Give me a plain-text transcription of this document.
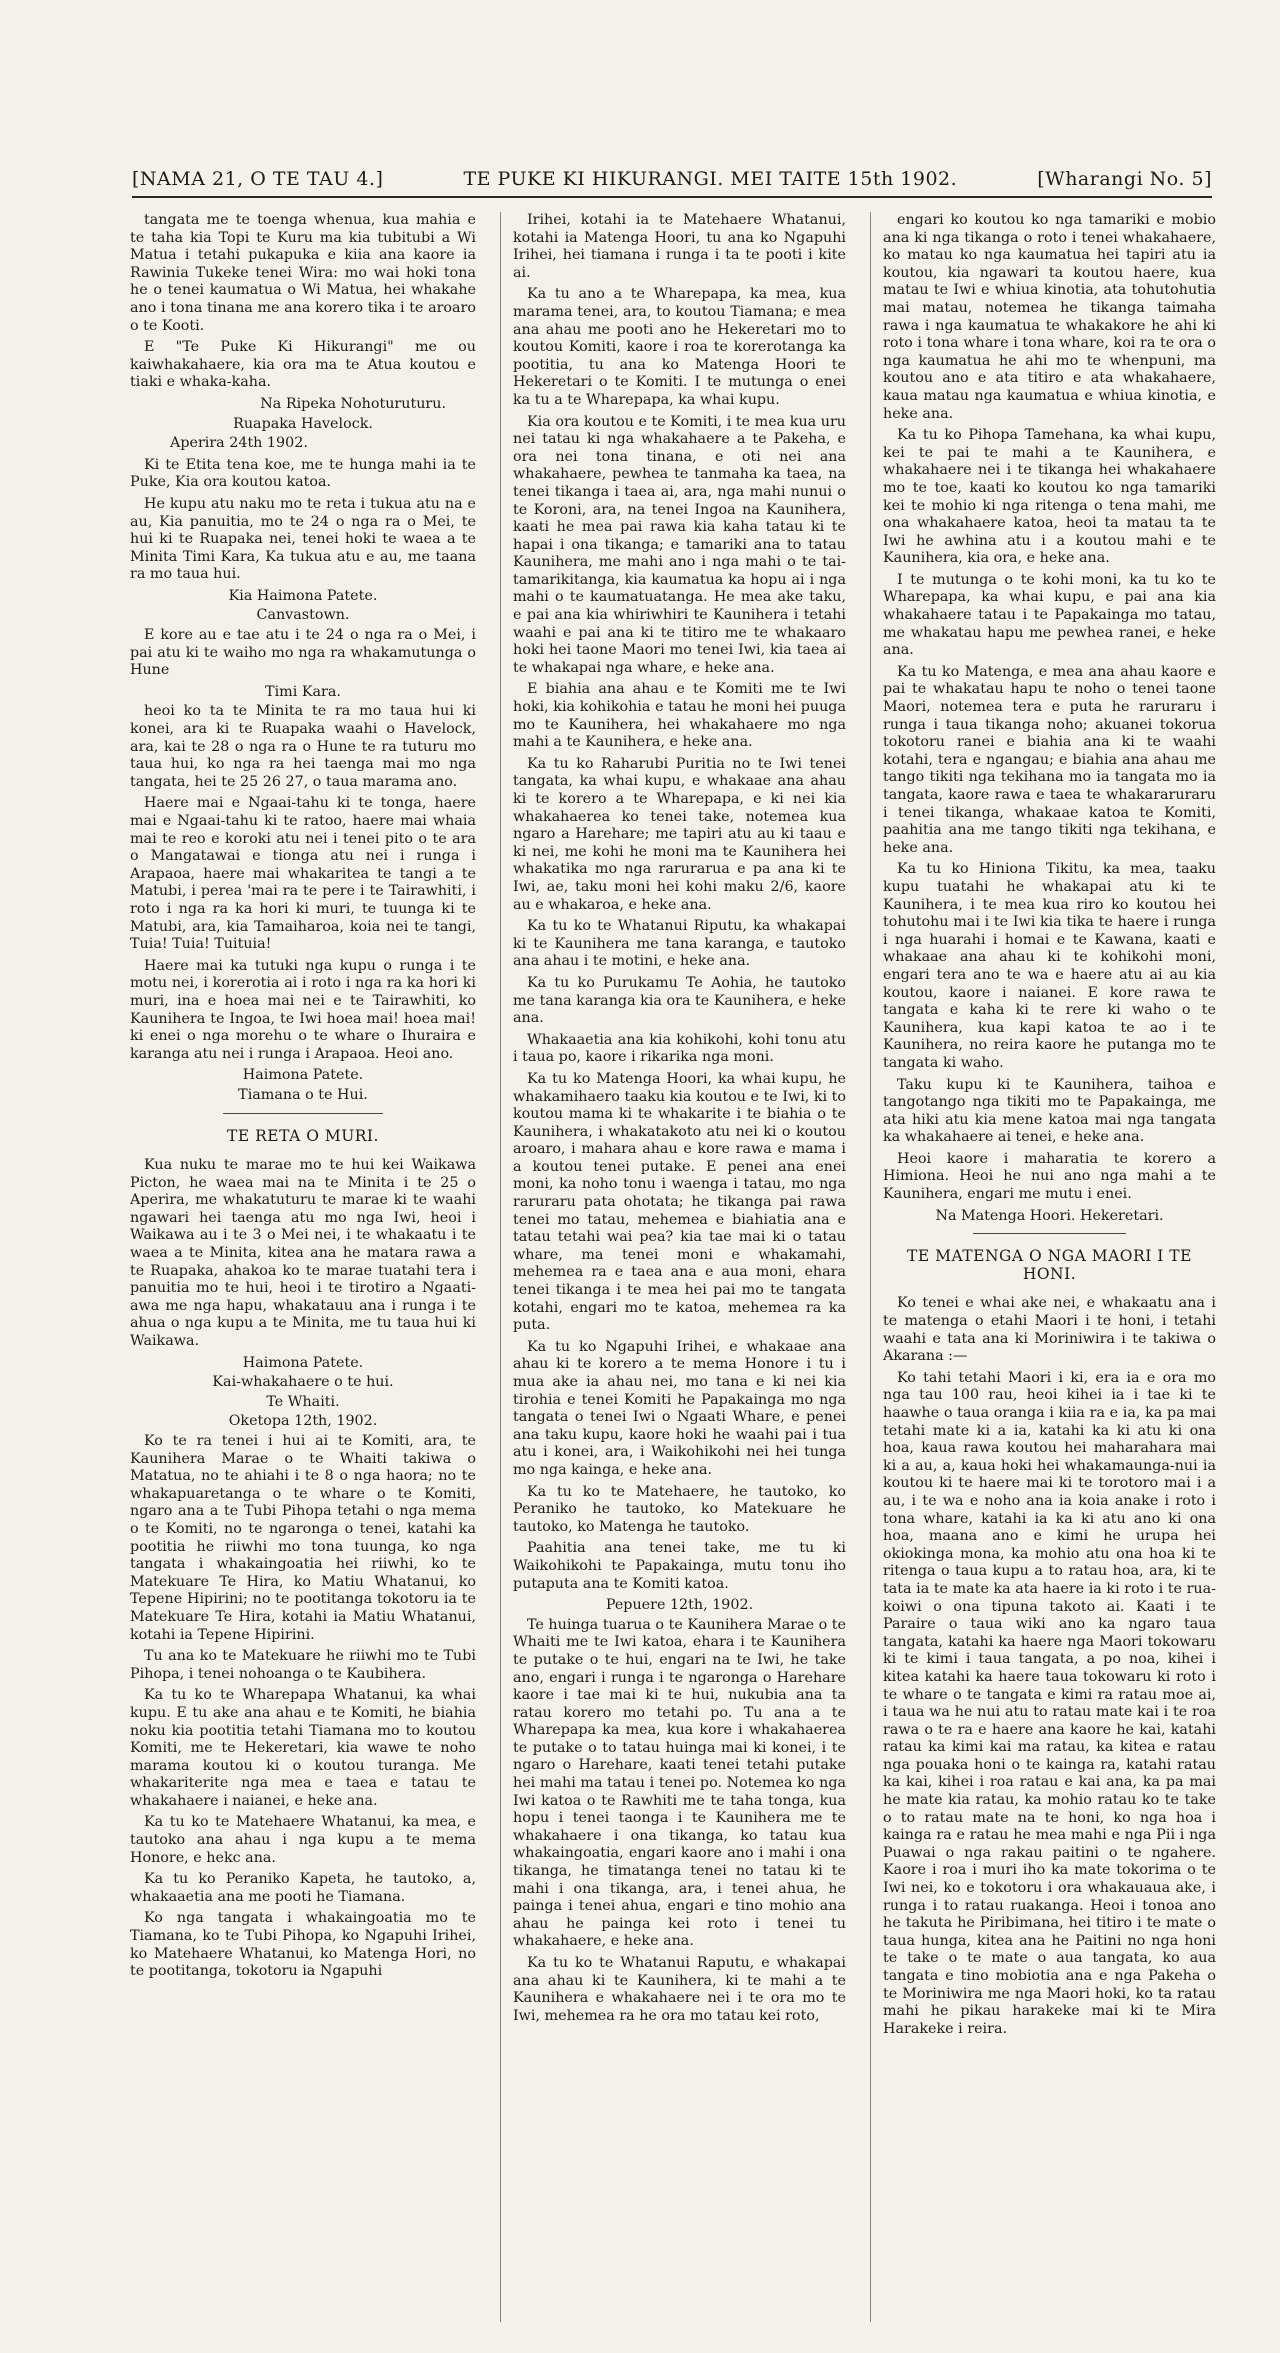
[NAMA 21, O TE TAU 4.]	TE PUKE KI HIKURANGI. MEI TAITE 15th 1902.	[Wharangi No. 5]

tangata me te toenga whenua, kua mahia e te taha kia Topi te Kuru ma kia tubitubi a Wi Matua i tetahi pukapuka e kiia ana kaore ia Rawinia Tukeke tenei Wira: mo wai hoki tona he o tenei kaumatua o Wi Matua, hei whakahe ano i tona tinana me ana korero tika i te aroaro o te Kooti.

E "Te Puke Ki Hikurangi" me ou kaiwhakahaere, kia ora ma te Atua koutou e tiaki e whaka-kaha.

Na Ripeka Nohoturuturu.

Ruapaka Havelock.

Aperira 24th 1902.

Ki te Etita tena koe, me te hunga mahi ia te Puke, Kia ora koutou katoa.

He kupu atu naku mo te reta i tukua atu na e au, Kia panuitia, mo te 24 o nga ra o Mei, te hui ki te Ruapaka nei, tenei hoki te waea a te Minita Timi Kara, Ka tukua atu e au, me taana ra mo taua hui.

Kia Haimona Patete.

Canvastown.

E kore au e tae atu i te 24 o nga ra o Mei, i pai atu ki te waiho mo nga ra whakamutunga o Hune

Timi Kara.

heoi ko ta te Minita te ra mo taua hui ki konei, ara ki te Ruapaka waahi o Havelock, ara, kai te 28 o nga ra o Hune te ra tuturu mo taua hui, ko nga ra hei taenga mai mo nga tangata, hei te 25 26 27, o taua marama ano.

Haere mai e Ngaai-tahu ki te tonga, haere mai e Ngaai-tahu ki te ratoo, haere mai whaia mai te reo e koroki atu nei i tenei pito o te ara o Mangatawai e tionga atu nei i runga i Arapaoa, haere mai whakaritea te tangi a te Matubi, i perea 'mai ra te pere i te Tairawhiti, i roto i nga ra ka hori ki muri, te tuunga ki te Matubi, ara, kia Tamaiharoa, koia nei te tangi, Tuia! Tuia! Tuituia!

Haere mai ka tutuki nga kupu o runga i te motu nei, i korerotia ai i roto i nga ra ka hori ki muri, ina e hoea mai nei e te Tairawhiti, ko Kaunihera te Ingoa, te Iwi hoea mai! hoea mai! ki enei o nga morehu o te whare o Ihuraira e karanga atu nei i runga i Arapaoa. Heoi ano.

Haimona Patete.

Tiamana o te Hui.

TE RETA O MURI.

Kua nuku te marae mo te hui kei Waikawa Picton, he waea mai na te Minita i te 25 o Aperira, me whakatuturu te marae ki te waahi ngawari hei taenga atu mo nga Iwi, heoi i Waikawa au i te 3 o Mei nei, i te whakaatu i te waea a te Minita, kitea ana he matara rawa a te Ruapaka, ahakoa ko te marae tuatahi tera i panuitia mo te hui, heoi i te tirotiro a Ngaati-awa me nga hapu, whakatauu ana i runga i te ahua o nga kupu a te Minita, me tu taua hui ki Waikawa.

Haimona Patete.

Kai-whakahaere o te hui.

Te Whaiti.

Oketopa 12th, 1902.

Ko te ra tenei i hui ai te Komiti, ara, te Kaunihera Marae o te Whaiti takiwa o Matatua, no te ahiahi i te 8 o nga haora; no te whakapuaretanga o te whare o te Komiti, ngaro ana a te Tubi Pihopa tetahi o nga mema o te Komiti, no te ngaronga o tenei, katahi ka pootitia he riiwhi mo tona tuunga, ko nga tangata i whakaingoatia hei riiwhi, ko te Matekuare Te Hira, ko Matiu Whatanui, ko Tepene Hipirini; no te pootitanga tokotoru ia te Matekuare Te Hira, kotahi ia Matiu Whatanui, kotahi ia Tepene Hipirini.

Tu ana ko te Matekuare he riiwhi mo te Tubi Pihopa, i tenei nohoanga o te Kaubihera.

Ka tu ko te Wharepapa Whatanui, ka whai kupu. E tu ake ana ahau e te Komiti, he biahia noku kia pootitia tetahi Tiamana mo to koutou Komiti, me te Hekeretari, kia wawe te noho marama koutou ki o koutou turanga. Me whakariterite nga mea e taea e tatau te whakahaere i naianei, e heke ana.

Ka tu ko te Matehaere Whatanui, ka mea, e tautoko ana ahau i nga kupu a te mema Honore, e hekc ana.

Ka tu ko Peraniko Kapeta, he tautoko, a, whakaaetia ana me pooti he Tiamana.

Ko nga tangata i whakaingoatia mo te Tiamana, ko te Tubi Pihopa, ko Ngapuhi Irihei, ko Matehaere Whatanui, ko Matenga Hori, no te pootitanga, tokotoru ia Ngapuhi

Irihei, kotahi ia te Matehaere Whatanui, kotahi ia Matenga Hoori, tu ana ko Ngapuhi Irihei, hei tiamana i runga i ta te pooti i kite ai.

Ka tu ano a te Wharepapa, ka mea, kua marama tenei, ara, to koutou Tiamana; e mea ana ahau me pooti ano he Hekeretari mo to koutou Komiti, kaore i roa te korerotanga ka pootitia, tu ana ko Matenga Hoori te Hekeretari o te Komiti. I te mutunga o enei ka tu a te Wharepapa, ka whai kupu.

Kia ora koutou e te Komiti, i te mea kua uru nei tatau ki nga whakahaere a te Pakeha, e ora nei tona tinana, e oti nei ana whakahaere, pewhea te tanmaha ka taea, na tenei tikanga i taea ai, ara, nga mahi nunui o te Koroni, ara, na tenei Ingoa na Kaunihera, kaati he mea pai rawa kia kaha tatau ki te hapai i ona tikanga; e tamariki ana to tatau Kaunihera, me mahi ano i nga mahi o te tai-tamarikitanga, kia kaumatua ka hopu ai i nga mahi o te kaumatuatanga. He mea ake taku, e pai ana kia whiriwhiri te Kaunihera i tetahi waahi e pai ana ki te titiro me te whakaaro hoki hei taone Maori mo tenei Iwi, kia taea ai te whakapai nga whare, e heke ana.

E biahia ana ahau e te Komiti me te Iwi hoki, kia kohikohia e tatau he moni hei puuga mo te Kaunihera, hei whakahaere mo nga mahi a te Kaunihera, e heke ana.

Ka tu ko Raharubi Puritia no te Iwi tenei tangata, ka whai kupu, e whakaae ana ahau ki te korero a te Wharepapa, e ki nei kia whakahaerea ko tenei take, notemea kua ngaro a Harehare; me tapiri atu au ki taau e ki nei, me kohi he moni ma te Kaunihera hei whakatika mo nga rarurarua e pa ana ki te Iwi, ae, taku moni hei kohi maku 2/6, kaore au e whakaroa, e heke ana.

Ka tu ko te Whatanui Riputu, ka whakapai ki te Kaunihera me tana karanga, e tautoko ana ahau i te motini, e heke ana.

Ka tu ko Purukamu Te Aohia, he tautoko me tana karanga kia ora te Kaunihera, e heke ana.

Whakaaetia ana kia kohikohi, kohi tonu atu i taua po, kaore i rikarika nga moni.

Ka tu ko Matenga Hoori, ka whai kupu, he whakamihaero taaku kia koutou e te Iwi, ki to koutou mama ki te whakarite i te biahia o te Kaunihera, i whakatakoto atu nei ki o koutou aroaro, i mahara ahau e kore rawa e mama i a koutou tenei putake. E penei ana enei moni, ka noho tonu i waenga i tatau, mo nga raruraru pata ohotata; he tikanga pai rawa tenei mo tatau, mehemea e biahiatia ana e tatau tetahi wai pea? kia tae mai ki o tatau whare, ma tenei moni e whakamahi, mehemea ra e taea ana e aua moni, ehara tenei tikanga i te mea hei pai mo te tangata kotahi, engari mo te katoa, mehemea ra ka puta.

Ka tu ko Ngapuhi Irihei, e whakaae ana ahau ki te korero a te mema Honore i tu i mua ake ia ahau nei, mo tana e ki nei kia tirohia e tenei Komiti he Papakainga mo nga tangata o tenei Iwi o Ngaati Whare, e penei ana taku kupu, kaore hoki he waahi pai i tua atu i konei, ara, i Waikohikohi nei hei tunga mo nga kainga, e heke ana.

Ka tu ko te Matehaere, he tautoko, ko Peraniko he tautoko, ko Matekuare he tautoko, ko Matenga he tautoko.

Paahitia ana tenei take, me tu ki Waikohikohi te Papakainga, mutu tonu iho putaputa ana te Komiti katoa.

Pepuere 12th, 1902.

Te huinga tuarua o te Kaunihera Marae o te Whaiti me te Iwi katoa, ehara i te Kaunihera te putake o te hui, engari na te Iwi, he take ano, engari i runga i te ngaronga o Harehare kaore i tae mai ki te hui, nukubia ana ta ratau korero mo tetahi po. Tu ana a te Wharepapa ka mea, kua kore i whakahaerea te putake o to tatau huinga mai ki konei, i te ngaro o Harehare, kaati tenei tetahi putake hei mahi ma tatau i tenei po. Notemea ko nga Iwi katoa o te Rawhiti me te taha tonga, kua hopu i tenei taonga i te Kaunihera me te whakahaere i ona tikanga, ko tatau kua whakaingoatia, engari kaore ano i mahi i ona tikanga, he timatanga tenei no tatau ki te mahi i ona tikanga, ara, i tenei ahua, he painga i tenei ahua, engari e tino mohio ana ahau he painga kei roto i tenei tu whakahaere, e heke ana.

Ka tu ko te Whatanui Raputu, e whakapai ana ahau ki te Kaunihera, ki te mahi a te Kaunihera e whakahaere nei i te ora mo te Iwi, mehemea ra he ora mo tatau kei roto,

engari ko koutou ko nga tamariki e mobio ana ki nga tikanga o roto i tenei whakahaere, ko matau ko nga kaumatua hei tapiri atu ia koutou, kia ngawari ta koutou haere, kua matau te Iwi e whiua kinotia, ata tohutohutia mai matau, notemea he tikanga taimaha rawa i nga kaumatua te whakakore he ahi ki roto i tona whare i tona whare, koi ra te ora o nga kaumatua he ahi mo te whenpuni, ma koutou ano e ata titiro e ata whakahaere, kaua matau nga kaumatua e whiua kinotia, e heke ana.

Ka tu ko Pihopa Tamehana, ka whai kupu, kei te pai te mahi a te Kaunihera, e whakahaere nei i te tikanga hei whakahaere mo te toe, kaati ko koutou ko nga tamariki kei te mohio ki nga ritenga o tena mahi, me ona whakahaere katoa, heoi ta matau ta te Iwi he awhina atu i a koutou mahi e te Kaunihera, kia ora, e heke ana.

I te mutunga o te kohi moni, ka tu ko te Wharepapa, ka whai kupu, e pai ana kia whakahaere tatau i te Papakainga mo tatau, me whakatau hapu me pewhea ranei, e heke ana.

Ka tu ko Matenga, e mea ana ahau kaore e pai te whakatau hapu te noho o tenei taone Maori, notemea tera e puta he raruraru i runga i taua tikanga noho; akuanei tokorua tokotoru ranei e biahia ana ki te waahi kotahi, tera e ngangau; e biahia ana ahau me tango tikiti nga tekihana mo ia tangata mo ia tangata, kaore rawa e taea te whakararuraru i tenei tikanga, whakaae katoa te Komiti, paahitia ana me tango tikiti nga tekihana, e heke ana.

Ka tu ko Hiniona Tikitu, ka mea, taaku kupu tuatahi he whakapai atu ki te Kaunihera, i te mea kua riro ko koutou hei tohutohu mai i te Iwi kia tika te haere i runga i nga huarahi i homai e te Kawana, kaati e whakaae ana ahau ki te kohikohi moni, engari tera ano te wa e haere atu ai au kia koutou, kaore i naianei. E kore rawa te tangata e kaha ki te rere ki waho o te Kaunihera, kua kapi katoa te ao i te Kaunihera, no reira kaore he putanga mo te tangata ki waho.

Taku kupu ki te Kaunihera, taihoa e tangotango nga tikiti mo te Papakainga, me ata hiki atu kia mene katoa mai nga tangata ka whakahaere ai tenei, e heke ana.

Heoi kaore i maharatia te korero a Himiona. Heoi he nui ano nga mahi a te Kaunihera, engari me mutu i enei.

Na Matenga Hoori. Hekeretari.

TE MATENGA O NGA MAORI I TE HONI.

Ko tenei e whai ake nei, e whakaatu ana i te matenga o etahi Maori i te honi, i tetahi waahi e tata ana ki Moriniwira i te takiwa o Akarana :—

Ko tahi tetahi Maori i ki, era ia e ora mo nga tau 100 rau, heoi kihei ia i tae ki te haawhe o taua oranga i kiia ra e ia, ka pa mai tetahi mate ki a ia, katahi ka ki atu ki ona hoa, kaua rawa koutou hei maharahara mai ki a au, a, kaua hoki hei whakamaunga-nui ia koutou ki te haere mai ki te torotoro mai i a au, i te wa e noho ana ia koia anake i roto i tona whare, katahi ia ka ki atu ano ki ona hoa, maana ano e kimi he urupa hei okiokinga mona, ka mohio atu ona hoa ki te ritenga o taua kupu a to ratau hoa, ara, ki te tata ia te mate ka ata haere ia ki roto i te rua-koiwi o ona tipuna takoto ai. Kaati i te Paraire o taua wiki ano ka ngaro taua tangata, katahi ka haere nga Maori tokowaru ki te kimi i taua tangata, a po noa, kihei i kitea katahi ka haere taua tokowaru ki roto i te whare o te tangata e kimi ra ratau moe ai, i taua wa he nui atu to ratau mate kai i te roa rawa o te ra e haere ana kaore he kai, katahi ratau ka kimi kai ma ratau, ka kitea e ratau nga pouaka honi o te kainga ra, katahi ratau ka kai, kihei i roa ratau e kai ana, ka pa mai he mate kia ratau, ka mohio ratau ko te take o to ratau mate na te honi, ko nga hoa i kainga ra e ratau he mea mahi e nga Pii i nga Puawai o nga rakau paitini o te ngahere. Kaore i roa i muri iho ka mate tokorima o te Iwi nei, ko e tokotoru i ora whakauaua ake, i runga i to ratau ruakanga. Heoi i tonoa ano he takuta he Piribimana, hei titiro i te mate o taua hunga, kitea ana he Paitini no nga honi te take o te mate o aua tangata, ko aua tangata e tino mobiotia ana e nga Pakeha o te Moriniwira me nga Maori hoki, ko ta ratau mahi he pikau harakeke mai ki te Mira Harakeke i reira.
